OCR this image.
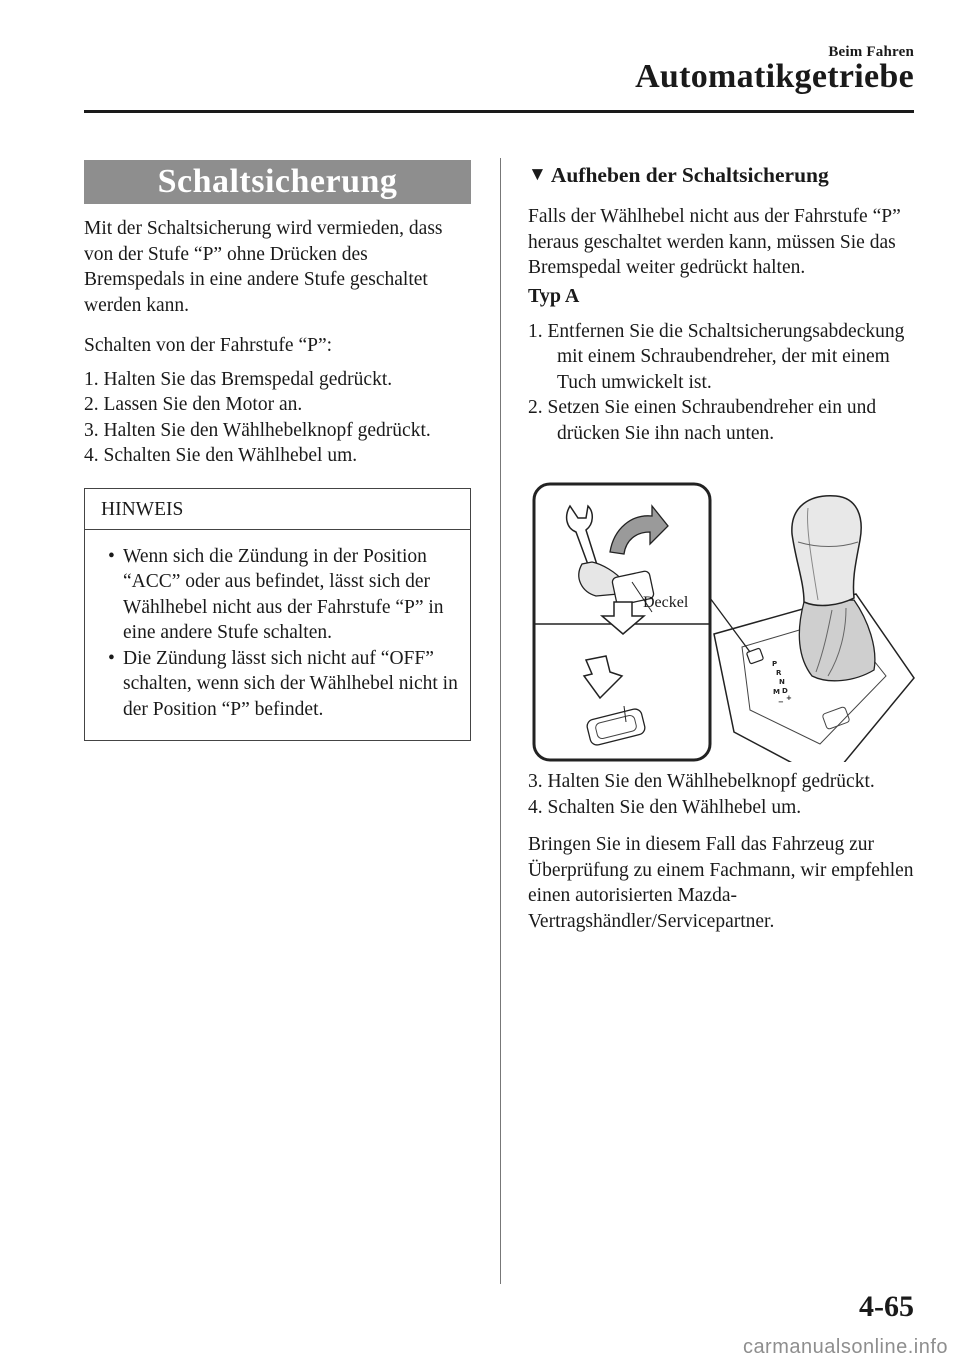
Beim Fahren
Automatikgetriebe
Schaltsicherung

Mit der Schaltsicherung wird vermieden, dass von der Stufe “P” ohne Drücken des Bremspedals in eine andere Stufe geschaltet werden kann.

Schalten von der Fahrstufe “P”:

1. Halten Sie das Bremspedal gedrückt.
2. Lassen Sie den Motor an.
3. Halten Sie den Wählhebelknopf gedrückt.
4. Schalten Sie den Wählhebel um.
HINWEIS
• Wenn sich die Zündung in der Position “ACC” oder aus befindet, lässt sich der Wählhebel nicht aus der Fahrstufe “P” in eine andere Stufe schalten.
• Die Zündung lässt sich nicht auf “OFF” schalten, wenn sich der Wählhebel nicht in der Position “P” befindet.
▼ Aufheben der Schaltsicherung

Falls der Wählhebel nicht aus der Fahrstufe “P” heraus geschaltet werden kann, müssen Sie das Bremspedal weiter gedrückt halten.

Typ A
1. Entfernen Sie die Schaltsicherungsabdeckung mit einem Schraubendreher, der mit einem Tuch umwickelt ist.
2. Setzen Sie einen Schraubendreher ein und drücken Sie ihn nach unten.
P
R
N
D
M
+
−
Deckel
3. Halten Sie den Wählhebelknopf gedrückt.
4. Schalten Sie den Wählhebel um.

Bringen Sie in diesem Fall das Fahrzeug zur Überprüfung zu einem Fachmann, wir empfehlen einen autorisierten Mazda-Vertragshändler/Servicepartner.

4-65
carmanualsonline.info
